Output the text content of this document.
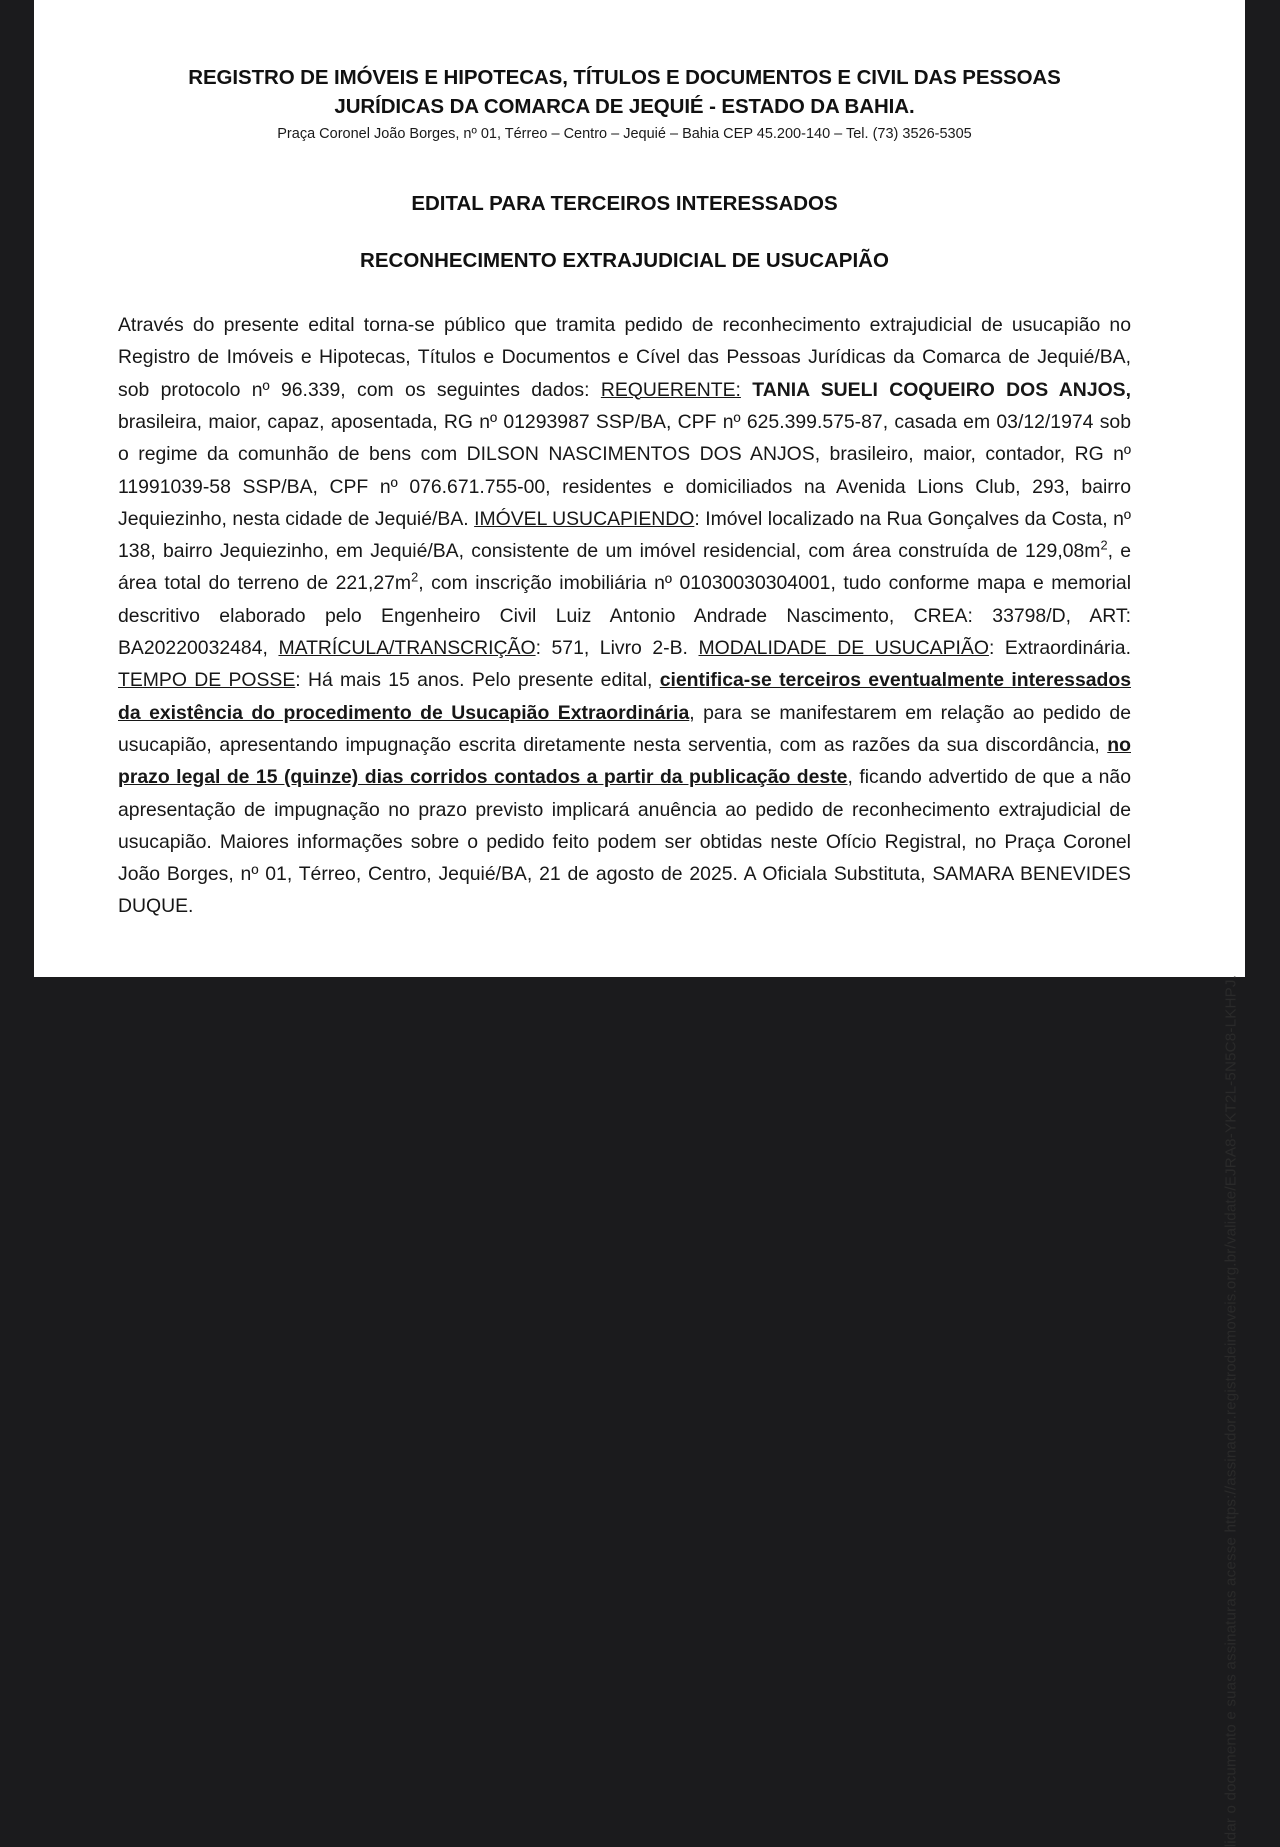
REGISTRO DE IMÓVEIS E HIPOTECAS, TÍTULOS E DOCUMENTOS E CIVIL DAS PESSOAS
JURÍDICAS DA COMARCA DE JEQUIÉ - ESTADO DA BAHIA.
Praça Coronel João Borges, nº 01, Térreo – Centro – Jequié – Bahia CEP 45.200-140 – Tel. (73) 3526-5305
EDITAL PARA TERCEIROS INTERESSADOS
RECONHECIMENTO EXTRAJUDICIAL DE USUCAPIÃO

Através do presente edital torna-se público que tramita pedido de reconhecimento extrajudicial de usucapião no Registro de Imóveis e Hipotecas, Títulos e Documentos e Cível das Pessoas Jurídicas da Comarca de Jequié/BA, sob protocolo nº 96.339, com os seguintes dados: REQUERENTE: TANIA SUELI COQUEIRO DOS ANJOS, brasileira, maior, capaz, aposentada, RG nº 01293987 SSP/BA, CPF nº 625.399.575-87, casada em 03/12/1974 sob o regime da comunhão de bens com DILSON NASCIMENTOS DOS ANJOS, brasileiro, maior, contador, RG nº 11991039-58 SSP/BA, CPF nº 076.671.755-00, residentes e domiciliados na Avenida Lions Club, 293, bairro Jequiezinho, nesta cidade de Jequié/BA. IMÓVEL USUCAPIENDO: Imóvel localizado na Rua Gonçalves da Costa, nº 138, bairro Jequiezinho, em Jequié/BA, consistente de um imóvel residencial, com área construída de $129,08m^2$, e área total do terreno de $221,27m^2$, com inscrição imobiliária nº 01030030304001, tudo conforme mapa e memorial descritivo elaborado pelo Engenheiro Civil Luiz Antonio Andrade Nascimento, CREA: 33798/D, ART: BA20220032484, MATRÍCULA/TRANSCRIÇÃO: 571, Livro 2-B. MODALIDADE DE USUCAPIÃO: Extraordinária. TEMPO DE POSSE: Há mais 15 anos. Pelo presente edital, cientifica-se terceiros eventualmente interessados da existência do procedimento de Usucapião Extraordinária, para se manifestarem em relação ao pedido de usucapião, apresentando impugnação escrita diretamente nesta serventia, com as razões da sua discordância, no prazo legal de 15 (quinze) dias corridos contados a partir da publicação deste, ficando advertido de que a não apresentação de impugnação no prazo previsto implicará anuência ao pedido de reconhecimento extrajudicial de usucapião. Maiores informações sobre o pedido feito podem ser obtidas neste Ofício Registral, no Praça Coronel João Borges, nº 01, Térreo, Centro, Jequié/BA, 21 de agosto de 2025. A Oficiala Substituta, SAMARA BENEVIDES DUQUE.

lidar o documento e suas assinaturas acesse https://assinador.registrodeimoveis.org.br/validate/EJRA8-YKT2L-5N5C8-LKHPJ.
